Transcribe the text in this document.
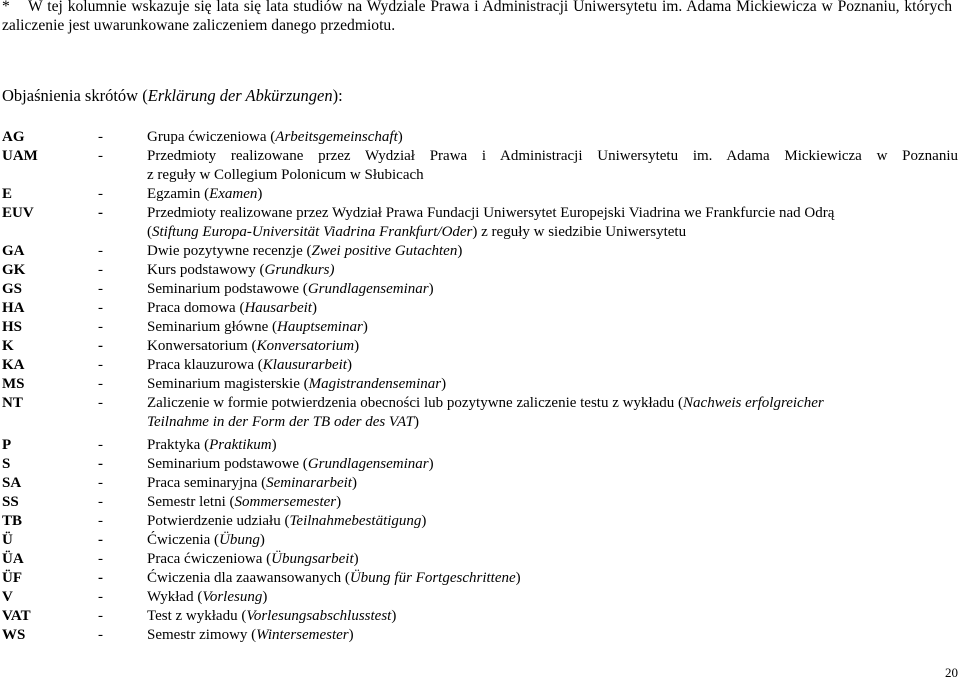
* W tej kolumnie wskazuje się lata się lata studiów na Wydziale Prawa i Administracji Uniwersytetu im. Adama Mickiewicza w Poznaniu, których zaliczenie jest uwarunkowane zaliczeniem danego przedmiotu.
Objaśnienia skrótów (Erklärung der Abkürzungen):
AG	-	Grupa ćwiczeniowa (Arbeitsgemeinschaft)
UAM	-	Przedmioty realizowane przez Wydział Prawa i Administracji Uniwersytetu im. Adama Mickiewicza w Poznaniu
z reguły w Collegium Polonicum w Słubicach
E	-	Egzamin (Examen)
EUV	-	Przedmioty realizowane przez Wydział Prawa Fundacji Uniwersytet Europejski Viadrina we Frankfurcie nad Odrą
(Stiftung Europa-Universität Viadrina Frankfurt/Oder) z reguły w siedzibie Uniwersytetu
GA	-	Dwie pozytywne recenzje (Zwei positive Gutachten)
GK	-	Kurs podstawowy (Grundkurs)
GS	-	Seminarium podstawowe (Grundlagenseminar)
HA	-	Praca domowa (Hausarbeit)
HS	-	Seminarium główne (Hauptseminar)
K	-	Konwersatorium (Konversatorium)
KA	-	Praca klauzurowa (Klausurarbeit)
MS	-	Seminarium magisterskie (Magistrandenseminar)
NT	-	Zaliczenie w formie potwierdzenia obecności lub pozytywne zaliczenie testu z wykładu (Nachweis erfolgreicher
Teilnahme in der Form der TB oder des VAT)
P	-	Praktyka (Praktikum)
S	-	Seminarium podstawowe (Grundlagenseminar)
SA	-	Praca seminaryjna (Seminararbeit)
SS	-	Semestr letni (Sommersemester)
TB	-	Potwierdzenie udziału (Teilnahmebestätigung)
Ü	-	Ćwiczenia (Übung)
ÜA	-	Praca ćwiczeniowa (Übungsarbeit)
ÜF	-	Ćwiczenia dla zaawansowanych (Übung für Fortgeschrittene)
V	-	Wykład (Vorlesung)
VAT	-	Test z wykładu (Vorlesungsabschlusstest)
WS	-	Semestr zimowy (Wintersemester)
20
